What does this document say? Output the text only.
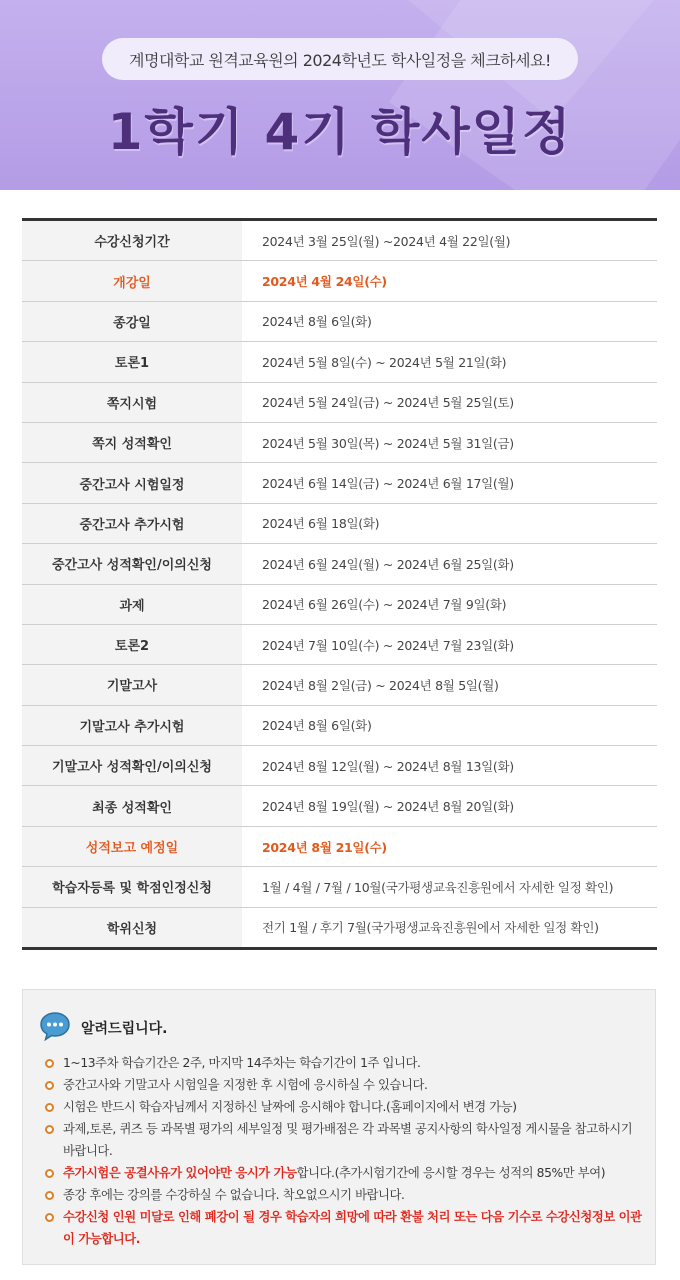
계명대학교 원격교육원의 2024학년도 학사일정을 체크하세요!
1학기 4기 학사일정
수강신청기간	2024년 3월 25일(월) ~2024년 4월 22일(월)
개강일	2024년 4월 24일(수)
종강일	2024년 8월 6일(화)
토론1	2024년 5월 8일(수) ~ 2024년 5월 21일(화)
쪽지시험	2024년 5월 24일(금) ~ 2024년 5월 25일(토)
쪽지 성적확인	2024년 5월 30일(목) ~ 2024년 5월 31일(금)
중간고사 시험일정	2024년 6월 14일(금) ~ 2024년 6월 17일(월)
중간고사 추가시험	2024년 6월 18일(화)
중간고사 성적확인/이의신청	2024년 6월 24일(월) ~ 2024년 6월 25일(화)
과제	2024년 6월 26일(수) ~ 2024년 7월 9일(화)
토론2	2024년 7월 10일(수) ~ 2024년 7월 23일(화)
기말고사	2024년 8월 2일(금) ~ 2024년 8월 5일(월)
기말고사 추가시험	2024년 8월 6일(화)
기말고사 성적확인/이의신청	2024년 8월 12일(월) ~ 2024년 8월 13일(화)
최종 성적확인	2024년 8월 19일(월) ~ 2024년 8월 20일(화)
성적보고 예정일	2024년 8월 21일(수)
학습자등록 및 학점인정신청	1월 / 4월 / 7월 / 10월(국가평생교육진흥원에서 자세한 일정 확인)
학위신청	전기 1월 / 후기 7월(국가평생교육진흥원에서 자세한 일정 확인)
알려드립니다.
1~13주차 학습기간은 2주, 마지막 14주차는 학습기간이 1주 입니다.
중간고사와 기말고사 시험일을 지정한 후 시험에 응시하실 수 있습니다.
시험은 반드시 학습자님께서 지정하신 날짜에 응시해야 합니다.(홈페이지에서 변경 가능)
과제,토론, 퀴즈 등 과목별 평가의 세부일정 및 평가배점은 각 과목별 공지사항의 학사일정 게시물을 참고하시기 바랍니다.
추가시험은 공결사유가 있어야만 응시가 가능합니다.(추가시험기간에 응시할 경우는 성적의 85%만 부여)
종강 후에는 강의를 수강하실 수 없습니다. 착오없으시기 바랍니다.
수강신청 인원 미달로 인해 폐강이 될 경우 학습자의 희망에 따라 환불 처리 또는 다음 기수로 수강신청정보 이관이 가능합니다.
